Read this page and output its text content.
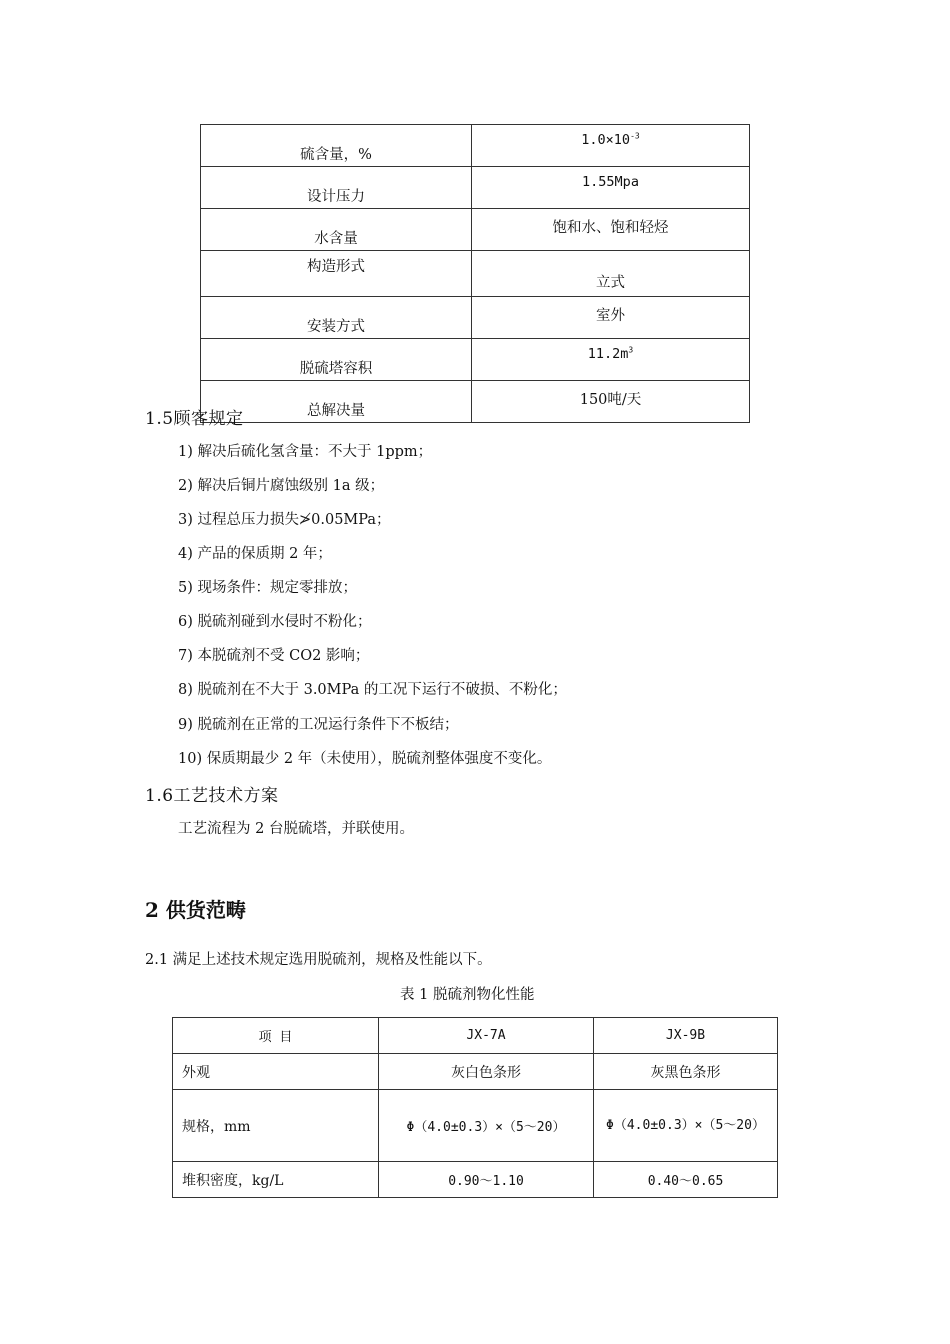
硫含量，%	$1.0\times 10^{-3}$
设计压力	1.55Mpa
水含量	饱和水、饱和轻烃
构造形式	立式
安装方式	室外
脱硫塔容积	$11.2m^3$
总解决量	150吨/天
1.5顾客规定
1) 解决后硫化氢含量：不大于 1ppm；
2) 解决后铜片腐蚀级别 1a 级；
3) 过程总压力损失≯0.05MPa；
4) 产品的保质期 2 年；
5) 现场条件：规定零排放；
6) 脱硫剂碰到水侵时不粉化；
7) 本脱硫剂不受 CO2 影响；
8) 脱硫剂在不大于 3.0MPa 的工况下运行不破损、不粉化；
9) 脱硫剂在正常的工况运行条件下不板结；
10) 保质期最少 2 年（未使用），脱硫剂整体强度不变化。
1.6工艺技术方案
工艺流程为 2 台脱硫塔，并联使用。
2 供货范畴
2.1 满足上述技术规定选用脱硫剂，规格及性能以下。
表 1 脱硫剂物化性能
项 目	JX-7A	JX-9B
外观	灰白色条形	灰黑色条形
规格，mm	Φ（4.0±0.3）×（5～20）	Φ（4.0±0.3）×（5～20）

堆积密度，kg/L	0.90～1.10	0.40～0.65
